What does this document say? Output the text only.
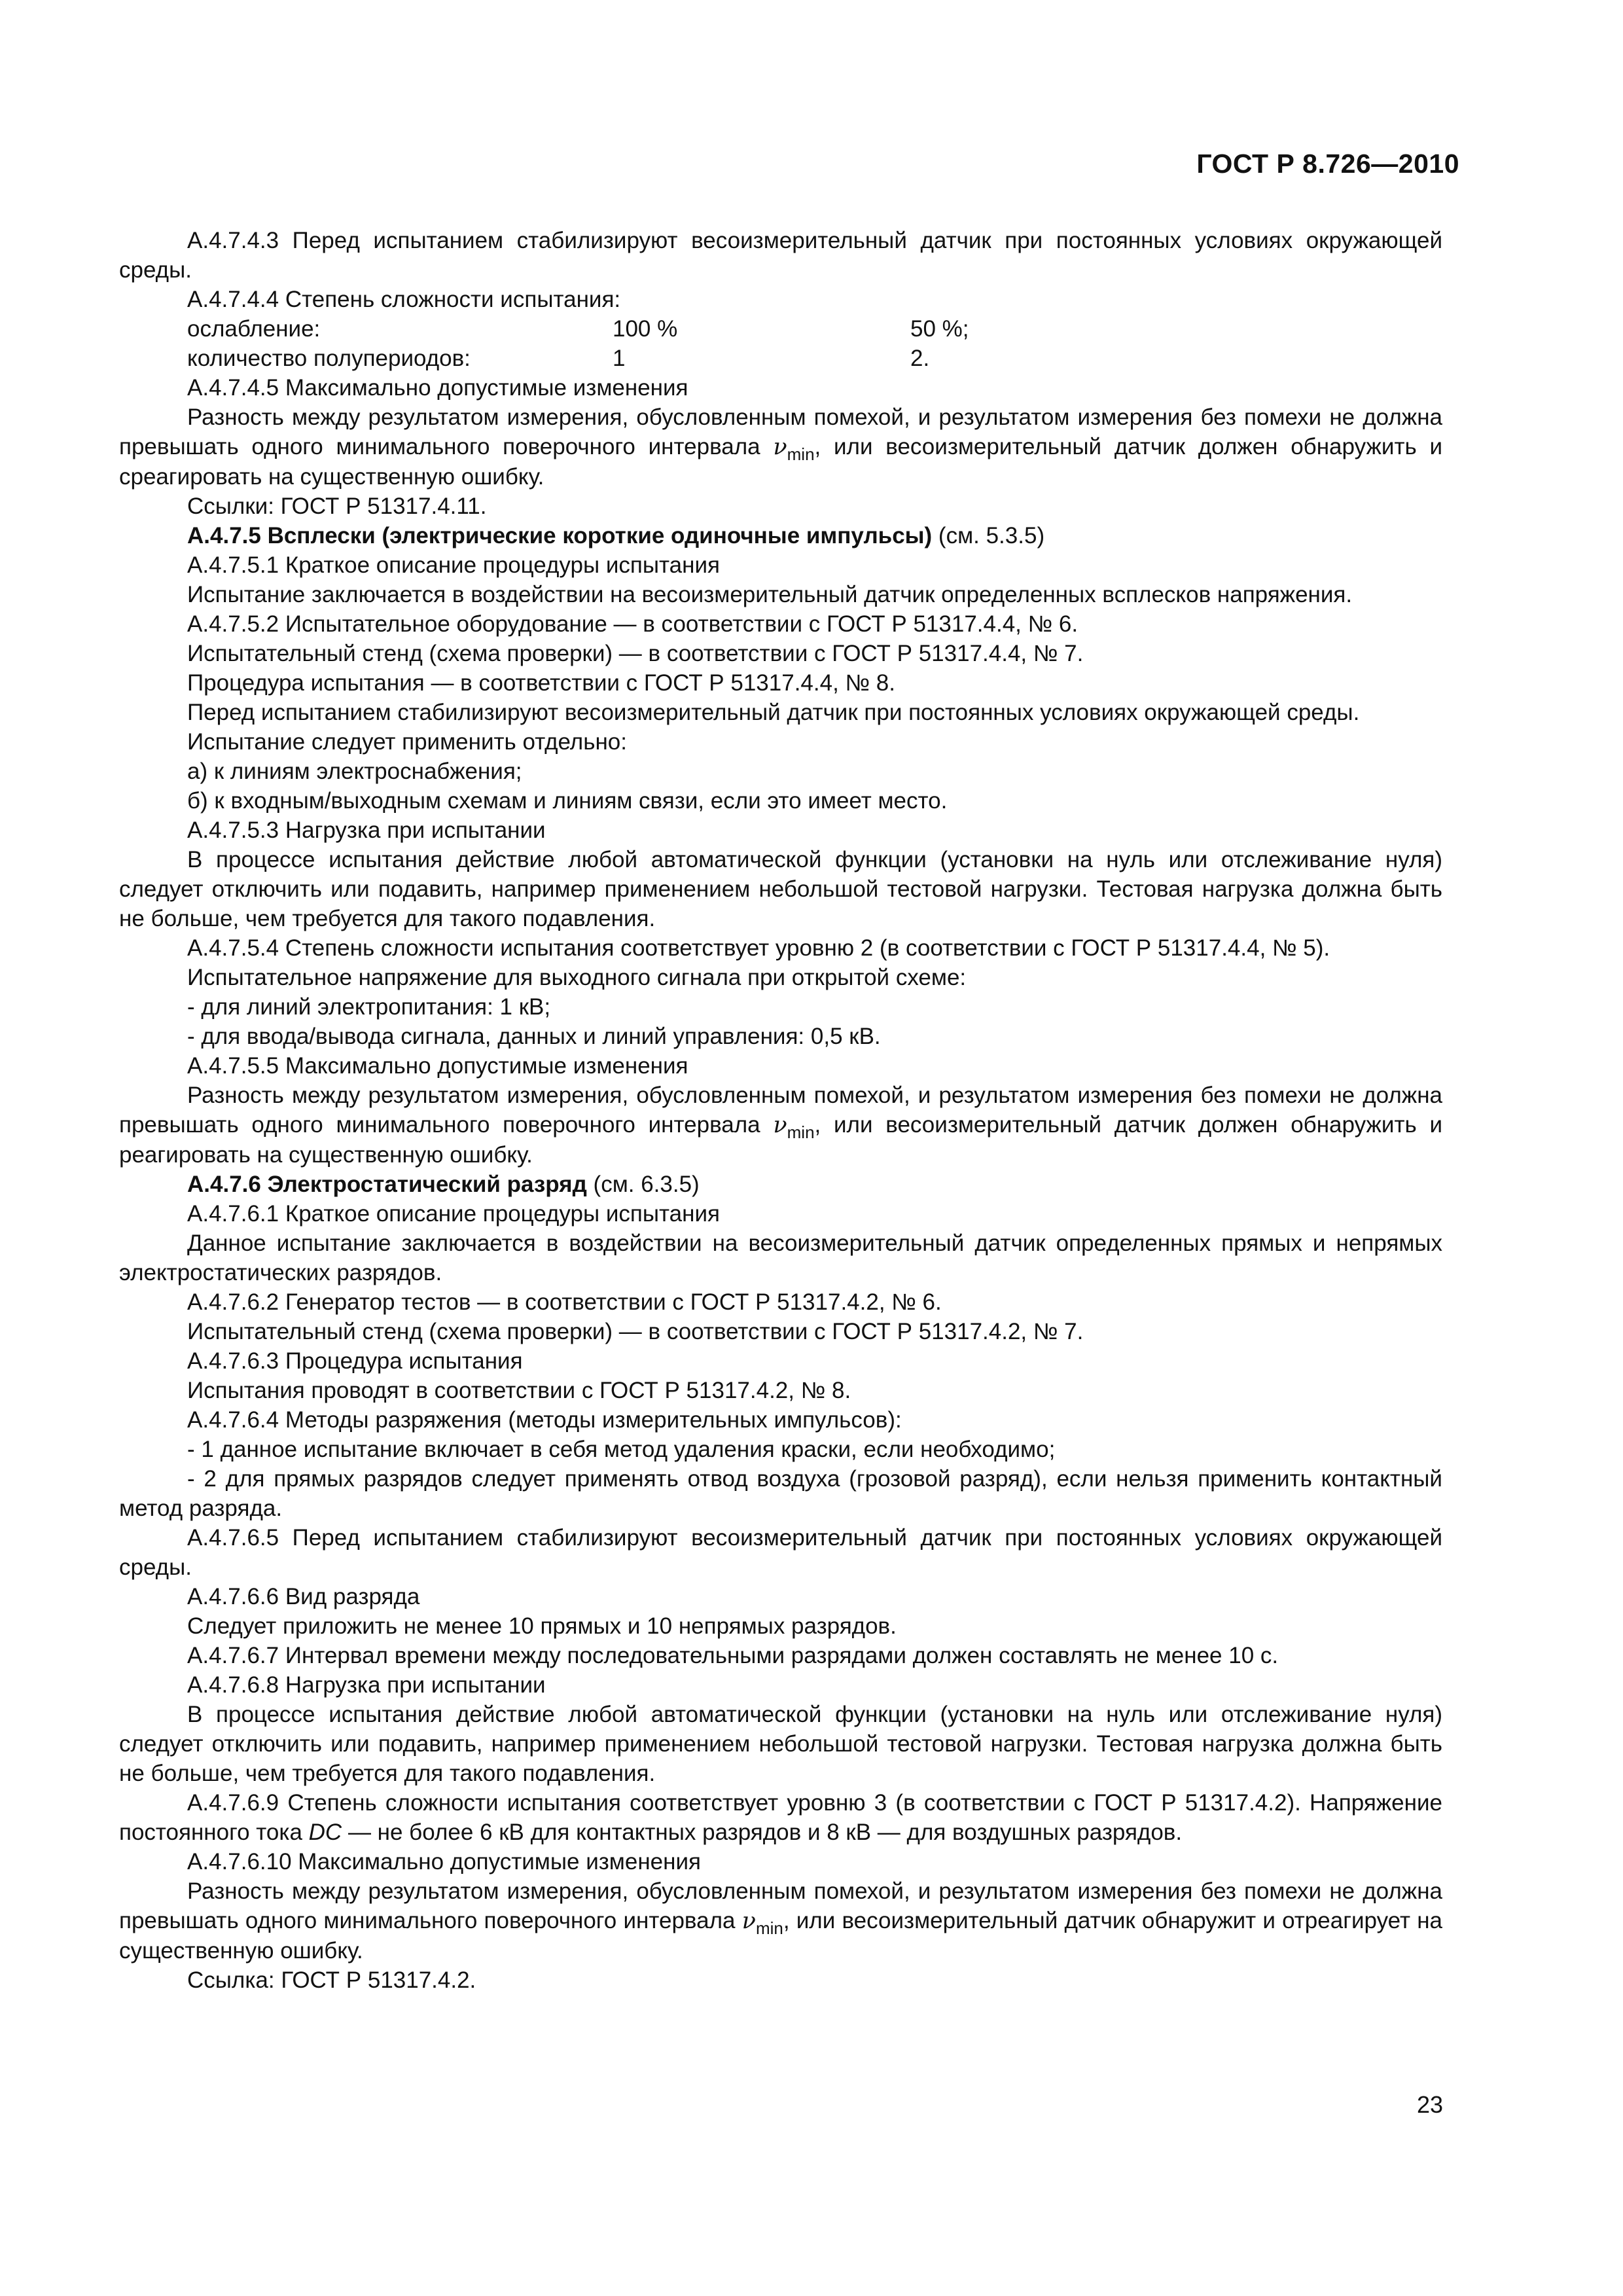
ГОСТ Р 8.726—2010

А.4.7.4.3 Перед испытанием стабилизируют весоизмерительный датчик при постоянных условиях окружающей среды.

А.4.7.4.4 Степень сложности испытания:

ослабление:	100 %	50 %;
количество полупериодов:	1	2.

А.4.7.4.5 Максимально допустимые изменения

Разность между результатом измерения, обусловленным помехой, и результатом измерения без помехи не должна превышать одного минимального поверочного интервала $\nu_{min}$, или весоизмерительный датчик должен обнаружить и среагировать на существенную ошибку.

Ссылки: ГОСТ Р 51317.4.11.

А.4.7.5 Всплески (электрические короткие одиночные импульсы) (см. 5.3.5)

А.4.7.5.1 Краткое описание процедуры испытания

Испытание заключается в воздействии на весоизмерительный датчик определенных всплесков напряжения.

А.4.7.5.2 Испытательное оборудование — в соответствии с ГОСТ Р 51317.4.4, № 6.

Испытательный стенд (схема проверки) — в соответствии с ГОСТ Р 51317.4.4, № 7.

Процедура испытания — в соответствии с ГОСТ Р 51317.4.4, № 8.

Перед испытанием стабилизируют весоизмерительный датчик при постоянных условиях окружающей среды.

Испытание следует применить отдельно:

а) к линиям электроснабжения;

б) к входным/выходным схемам и линиям связи, если это имеет место.

А.4.7.5.3 Нагрузка при испытании

В процессе испытания действие любой автоматической функции (установки на нуль или отслеживание нуля) следует отключить или подавить, например применением небольшой тестовой нагрузки. Тестовая нагрузка должна быть не больше, чем требуется для такого подавления.

А.4.7.5.4 Степень сложности испытания соответствует уровню 2 (в соответствии с ГОСТ Р 51317.4.4, № 5).

Испытательное напряжение для выходного сигнала при открытой схеме:

- для линий электропитания: 1 кВ;

- для ввода/вывода сигнала, данных и линий управления: 0,5 кВ.

А.4.7.5.5 Максимально допустимые изменения

Разность между результатом измерения, обусловленным помехой, и результатом измерения без помехи не должна превышать одного минимального поверочного интервала $\nu_{min}$, или весоизмерительный датчик должен обнаружить и реагировать на существенную ошибку.

А.4.7.6 Электростатический разряд (см. 6.3.5)

А.4.7.6.1 Краткое описание процедуры испытания

Данное испытание заключается в воздействии на весоизмерительный датчик определенных прямых и непрямых электростатических разрядов.

А.4.7.6.2 Генератор тестов — в соответствии с ГОСТ Р 51317.4.2, № 6.

Испытательный стенд (схема проверки) — в соответствии с ГОСТ Р 51317.4.2, № 7.

А.4.7.6.3 Процедура испытания

Испытания проводят в соответствии с ГОСТ Р 51317.4.2, № 8.

А.4.7.6.4 Методы разряжения (методы измерительных импульсов):

- 1 данное испытание включает в себя метод удаления краски, если необходимо;

- 2 для прямых разрядов следует применять отвод воздуха (грозовой разряд), если нельзя применить контактный метод разряда.

А.4.7.6.5 Перед испытанием стабилизируют весоизмерительный датчик при постоянных условиях окружающей среды.

А.4.7.6.6 Вид разряда

Следует приложить не менее 10 прямых и 10 непрямых разрядов.

А.4.7.6.7 Интервал времени между последовательными разрядами должен составлять не менее 10 с.

А.4.7.6.8 Нагрузка при испытании

В процессе испытания действие любой автоматической функции (установки на нуль или отслеживание нуля) следует отключить или подавить, например применением небольшой тестовой нагрузки. Тестовая нагрузка должна быть не больше, чем требуется для такого подавления.

А.4.7.6.9 Степень сложности испытания соответствует уровню 3 (в соответствии с ГОСТ Р 51317.4.2). Напряжение постоянного тока DC — не более 6 кВ для контактных разрядов и 8 кВ — для воздушных разрядов.

А.4.7.6.10 Максимально допустимые изменения

Разность между результатом измерения, обусловленным помехой, и результатом измерения без помехи не должна превышать одного минимального поверочного интервала $\nu_{min}$, или весоизмерительный датчик обнаружит и отреагирует на существенную ошибку.

Ссылка: ГОСТ Р 51317.4.2.

23
